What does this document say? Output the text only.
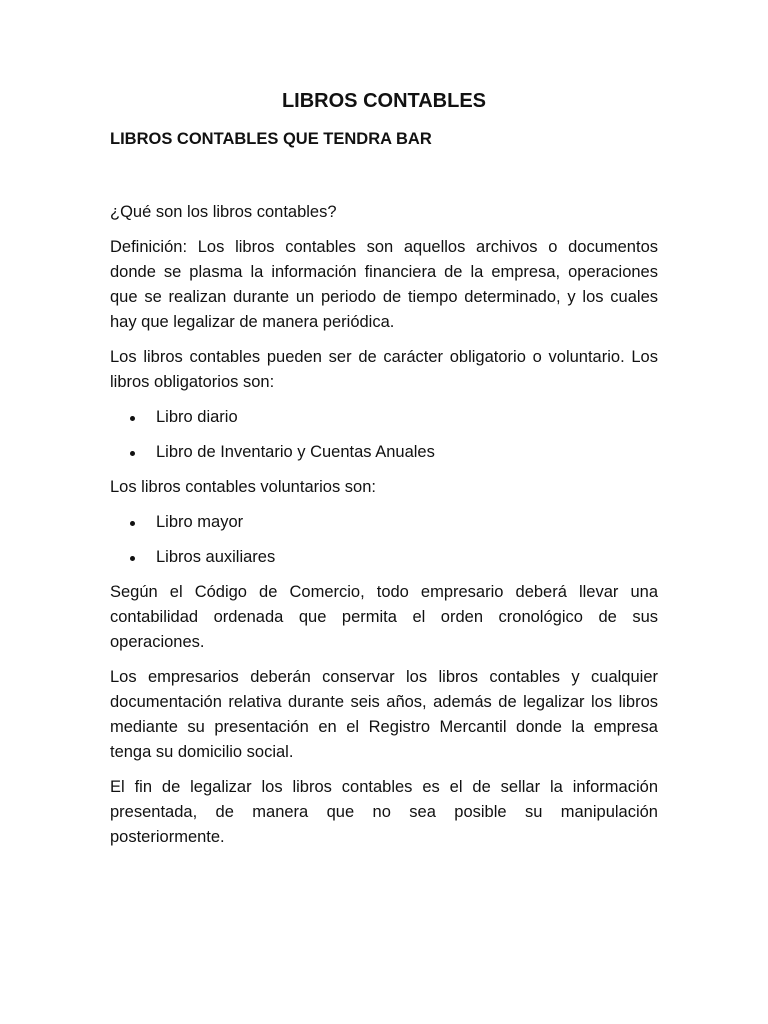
LIBROS CONTABLES
LIBROS CONTABLES QUE TENDRA BAR

¿Qué son los libros contables?

Definición: Los libros contables son aquellos archivos o documentos donde se plasma la información financiera de la empresa, operaciones que se realizan durante un periodo de tiempo determinado, y los cuales hay que legalizar de manera periódica.

Los libros contables pueden ser de carácter obligatorio o voluntario. Los libros obligatorios son:

Libro diario
Libro de Inventario y Cuentas Anuales

Los libros contables voluntarios son:

Libro mayor
Libros auxiliares

Según el Código de Comercio, todo empresario deberá llevar una contabilidad ordenada que permita el orden cronológico de sus operaciones.

Los empresarios deberán conservar los libros contables y cualquier documentación relativa durante seis años, además de legalizar los libros mediante su presentación en el Registro Mercantil donde la empresa tenga su domicilio social.

El fin de legalizar los libros contables es el de sellar la información presentada, de manera que no sea posible su manipulación posteriormente.
